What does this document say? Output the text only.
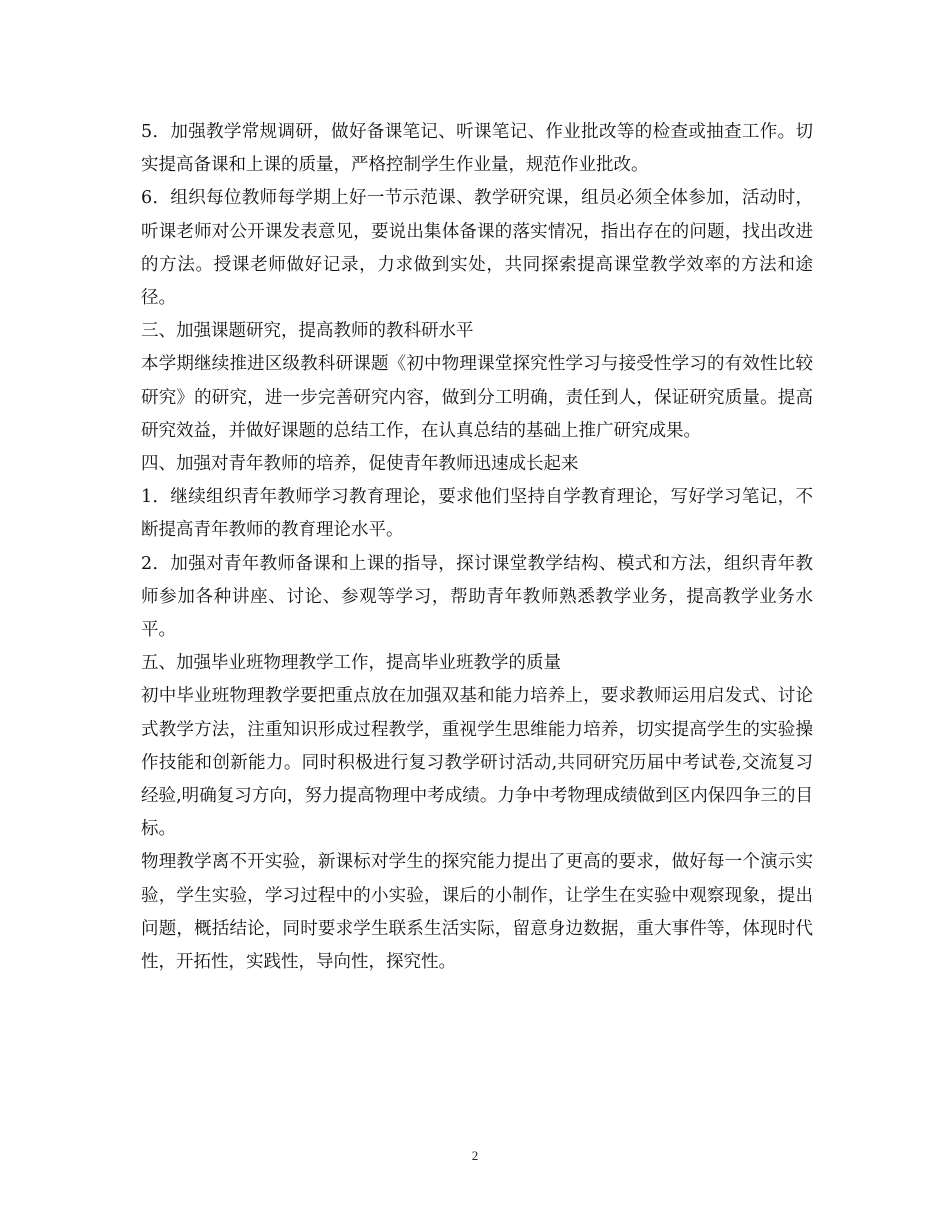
5．加强教学常规调研，做好备课笔记、听课笔记、作业批改等的检查或抽查工作。切实提高备课和上课的质量，严格控制学生作业量，规范作业批改。

6．组织每位教师每学期上好一节示范课、教学研究课，组员必须全体参加，活动时，听课老师对公开课发表意见，要说出集体备课的落实情况，指出存在的问题，找出改进的方法。授课老师做好记录，力求做到实处，共同探索提高课堂教学效率的方法和途径。

三、加强课题研究，提高教师的教科研水平

本学期继续推进区级教科研课题《初中物理课堂探究性学习与接受性学习的有效性比较研究》的研究，进一步完善研究内容，做到分工明确，责任到人，保证研究质量。提高研究效益，并做好课题的总结工作，在认真总结的基础上推广研究成果。

四、加强对青年教师的培养，促使青年教师迅速成长起来

1．继续组织青年教师学习教育理论，要求他们坚持自学教育理论，写好学习笔记，不断提高青年教师的教育理论水平。

2．加强对青年教师备课和上课的指导，探讨课堂教学结构、模式和方法，组织青年教师参加各种讲座、讨论、参观等学习，帮助青年教师熟悉教学业务，提高教学业务水平。

五、加强毕业班物理教学工作，提高毕业班教学的质量

初中毕业班物理教学要把重点放在加强双基和能力培养上，要求教师运用启发式、讨论式教学方法，注重知识形成过程教学，重视学生思维能力培养，切实提高学生的实验操作技能和创新能力。同时积极进行复习教学研讨活动,共同研究历届中考试卷,交流复习经验,明确复习方向，努力提高物理中考成绩。力争中考物理成绩做到区内保四争三的目标。

物理教学离不开实验，新课标对学生的探究能力提出了更高的要求，做好每一个演示实验，学生实验，学习过程中的小实验，课后的小制作，让学生在实验中观察现象，提出问题，概括结论，同时要求学生联系生活实际，留意身边数据，重大事件等，体现时代性，开拓性，实践性，导向性，探究性。

2
